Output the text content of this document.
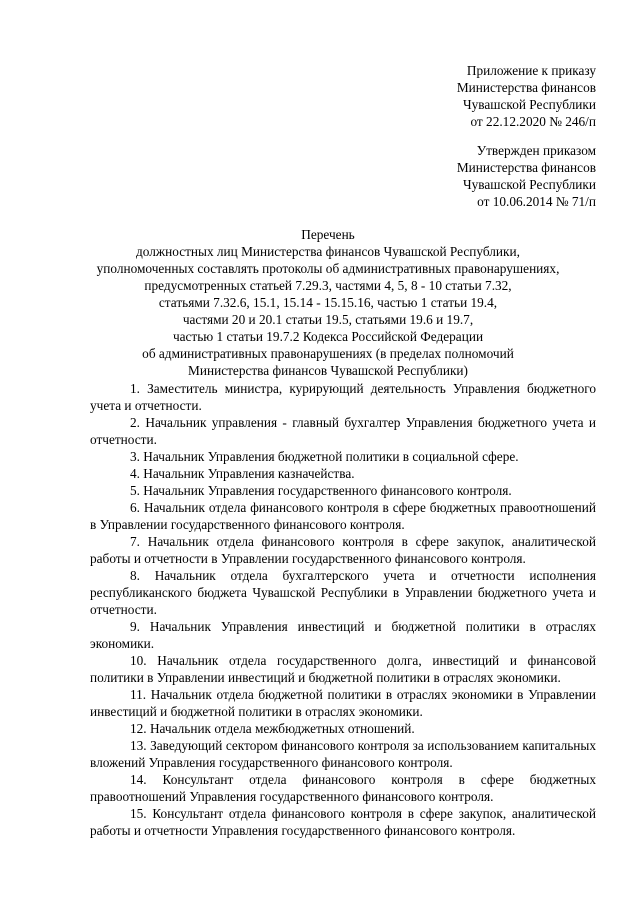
Приложение к приказу
Министерства финансов
Чувашской Республики
от 22.12.2020 № 246/п
Утвержден приказом
Министерства финансов
Чувашской Республики
от 10.06.2014 № 71/п
Перечень
должностных лиц Министерства финансов Чувашской Республики,
уполномоченных составлять протоколы об административных правонарушениях,
предусмотренных статьей 7.29.3, частями 4, 5, 8 - 10 статьи 7.32,
статьями 7.32.6, 15.1, 15.14 - 15.15.16, частью 1 статьи 19.4,
частями 20 и 20.1 статьи 19.5, статьями 19.6 и 19.7,
частью 1 статьи 19.7.2 Кодекса Российской Федерации
об административных правонарушениях (в пределах полномочий
Министерства финансов Чувашской Республики)

1. Заместитель министра, курирующий деятельность Управления бюджетного учета и отчетности.

2. Начальник управления - главный бухгалтер Управления бюджетного учета и отчетности.

3. Начальник Управления бюджетной политики в социальной сфере.

4. Начальник Управления казначейства.

5. Начальник Управления государственного финансового контроля.

6. Начальник отдела финансового контроля в сфере бюджетных правоотношений в Управлении государственного финансового контроля.

7. Начальник отдела финансового контроля в сфере закупок, аналитической работы и отчетности в Управлении государственного финансового контроля.

8. Начальник отдела бухгалтерского учета и отчетности исполнения республиканского бюджета Чувашской Республики в Управлении бюджетного учета и отчетности.

9. Начальник Управления инвестиций и бюджетной политики в отраслях экономики.

10. Начальник отдела государственного долга, инвестиций и финансовой политики в Управлении инвестиций и бюджетной политики в отраслях экономики.

11. Начальник отдела бюджетной политики в отраслях экономики в Управлении инвестиций и бюджетной политики в отраслях экономики.

12. Начальник отдела межбюджетных отношений.

13. Заведующий сектором финансового контроля за использованием капитальных вложений Управления государственного финансового контроля.

14. Консультант отдела финансового контроля в сфере бюджетных правоотношений Управления государственного финансового контроля.

15. Консультант отдела финансового контроля в сфере закупок, аналитической работы и отчетности Управления государственного финансового контроля.
